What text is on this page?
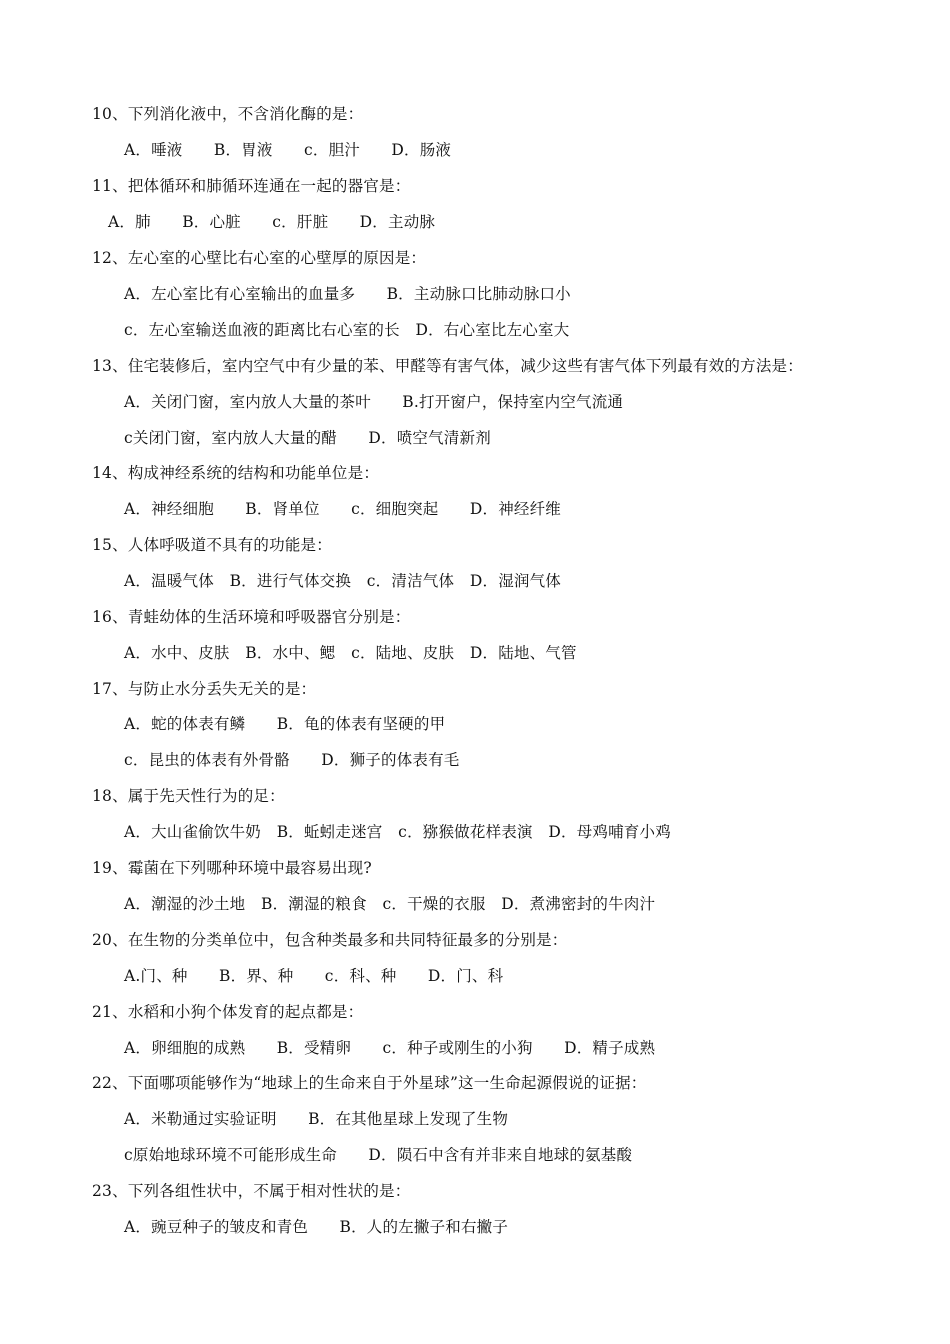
10、下列消化液中，不含消化酶的是：
A．唾液　　B．胃液　　c．胆汁　　D．肠液
11、把体循环和肺循环连通在一起的器官是：
A．肺　　B．心脏　　c．肝脏　　D．主动脉
12、左心室的心壁比右心室的心壁厚的原因是：
A．左心室比有心室输出的血量多　　B．主动脉口比肺动脉口小
c．左心室输送血液的距离比右心室的长　D．右心室比左心室大
13、住宅装修后，室内空气中有少量的苯、甲醛等有害气体，减少这些有害气体下列最有效的方法是：
A．关闭门窗，室内放人大量的茶叶　　B.打开窗户，保持室内空气流通
c关闭门窗，室内放人大量的醋　　D．喷空气清新剂
14、构成神经系统的结构和功能单位是：
A．神经细胞　　B．肾单位　　c．细胞突起　　D．神经纤维
15、人体呼吸道不具有的功能是：
A．温暖气体　B．进行气体交换　c．清洁气体　D．湿润气体
16、青蛙幼体的生活环境和呼吸器官分别是：
A．水中、皮肤　B．水中、鳃　c．陆地、皮肤　D．陆地、气管
17、与防止水分丢失无关的是：
A．蛇的体表有鳞　　B．龟的体表有坚硬的甲
c．昆虫的体表有外骨骼　　D．狮子的体表有毛
18、属于先天性行为的足：
A．大山雀偷饮牛奶　B．蚯蚓走迷宫　c．猕猴做花样表演　D．母鸡哺育小鸡
19、霉菌在下列哪种环境中最容易出现?
A．潮湿的沙土地　B．潮湿的粮食　c．干燥的衣服　D．煮沸密封的牛肉汁
20、在生物的分类单位中，包含种类最多和共同特征最多的分别是：
A.门、种　　B．界、种　　c．科、种　　D．门、科
21、水稻和小狗个体发育的起点都是：
A．卵细胞的成熟　　B．受精卵　　c．种子或刚生的小狗　　D．精子成熟
22、下面哪项能够作为“地球上的生命来自于外星球”这一生命起源假说的证据：
A．米勒通过实验证明　　B．在其他星球上发现了生物
c原始地球环境不可能形成生命　　D．陨石中含有并非来自地球的氨基酸
23、下列各组性状中，不属于相对性状的是：
A．豌豆种子的皱皮和青色　　B．人的左撇子和右撇子
